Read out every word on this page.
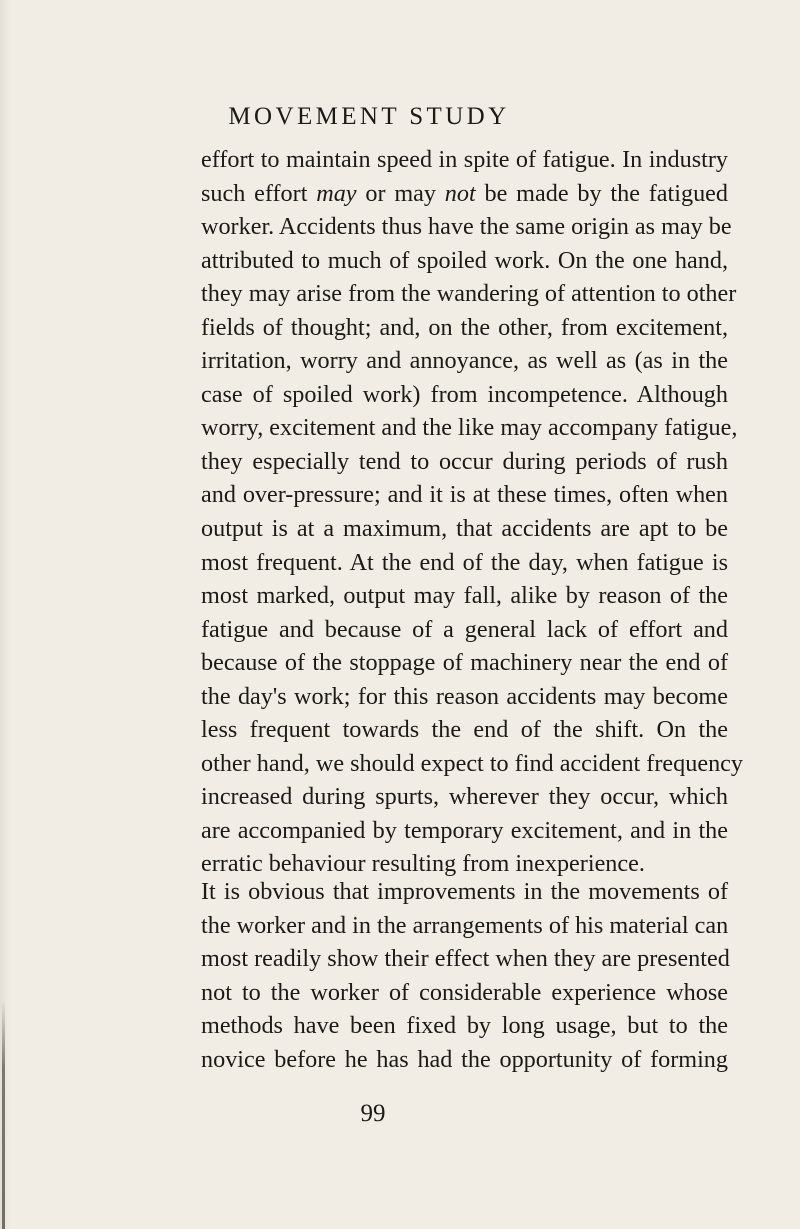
MOVEMENT STUDY
effort to maintain speed in spite of fatigue. In industry
such effort may or may not be made by the fatigued
worker. Accidents thus have the same origin as may be
attributed to much of spoiled work. On the one hand,
they may arise from the wandering of attention to other
fields of thought; and, on the other, from excitement,
irritation, worry and annoyance, as well as (as in the
case of spoiled work) from incompetence. Although
worry, excitement and the like may accompany fatigue,
they especially tend to occur during periods of rush
and over-pressure; and it is at these times, often when
output is at a maximum, that accidents are apt to be
most frequent. At the end of the day, when fatigue is
most marked, output may fall, alike by reason of the
fatigue and because of a general lack of effort and
because of the stoppage of machinery near the end of
the day's work; for this reason accidents may become
less frequent towards the end of the shift. On the
other hand, we should expect to find accident frequency
increased during spurts, wherever they occur, which
are accompanied by temporary excitement, and in the
erratic behaviour resulting from inexperience.
It is obvious that improvements in the movements of
the worker and in the arrangements of his material can
most readily show their effect when they are presented
not to the worker of considerable experience whose
methods have been fixed by long usage, but to the
novice before he has had the opportunity of forming
99
